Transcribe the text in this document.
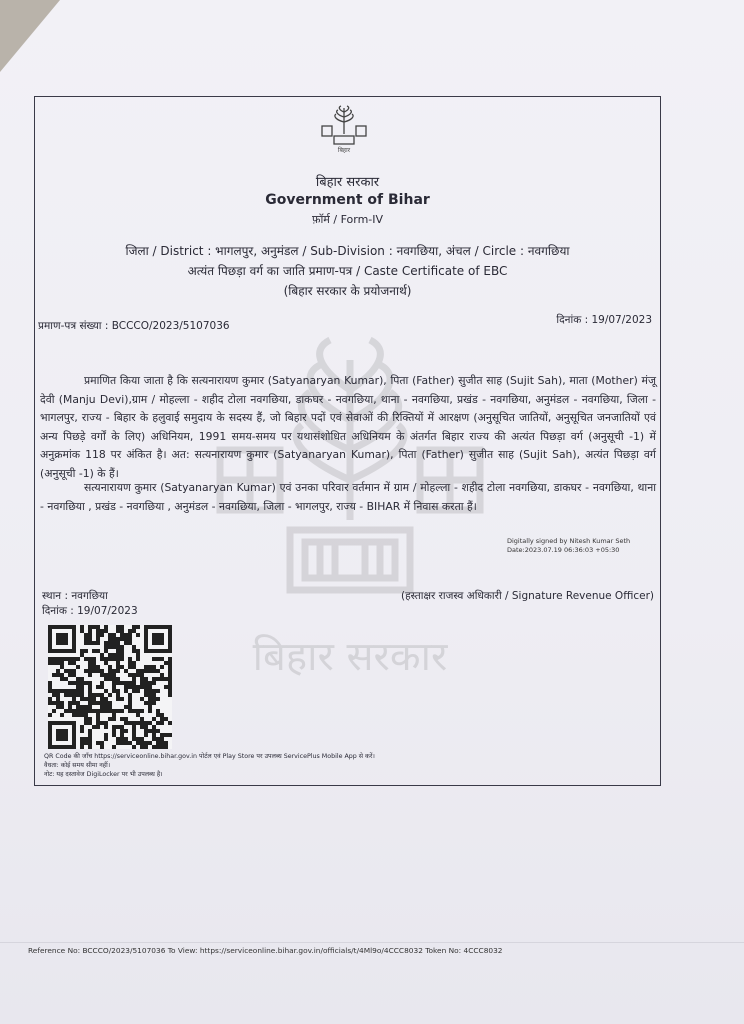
बिहार सरकार
बिहार
बिहार सरकार
Government of Bihar
फ़ॉर्म / Form-IV
जिला / District : भागलपुर, अनुमंडल / Sub-Division : नवगछिया, अंचल / Circle : नवगछिया
अत्यंत पिछड़ा वर्ग का जाति प्रमाण-पत्र / Caste Certificate of EBC
(बिहार सरकार के प्रयोजनार्थ)
प्रमाण-पत्र संख्या : BCCCO/2023/5107036	दिनांक : 19/07/2023
प्रमाणित किया जाता है कि सत्यनारायण कुमार (Satyanaryan Kumar), पिता (Father) सुजीत साह (Sujit Sah), माता (Mother) मंजू देवी (Manju Devi),ग्राम / मोहल्ला - शहीद टोला नवगछिया, डाकघर - नवगछिया, थाना - नवगछिया, प्रखंड - नवगछिया, अनुमंडल - नवगछिया, जिला - भागलपुर, राज्य - बिहार के हलुवाई समुदाय के सदस्य हैं, जो बिहार पदों एवं सेवाओं की रिक्तियों में आरक्षण (अनुसूचित जातियों, अनुसूचित जनजातियों एवं अन्य पिछड़े वर्गों के लिए) अधिनियम, 1991 समय-समय पर यथासंशोधित अधिनियम के अंतर्गत बिहार राज्य की अत्यंत पिछड़ा वर्ग (अनुसूची -1) में अनुक्रमांक 118 पर अंकित है। अत: सत्यनारायण कुमार (Satyanaryan Kumar), पिता (Father) सुजीत साह (Sujit Sah), अत्यंत पिछड़ा वर्ग (अनुसूची -1) के हैं।
सत्यनारायण कुमार (Satyanaryan Kumar) एवं उनका परिवार वर्तमान में ग्राम / मोहल्ला - शहीद टोला नवगछिया, डाकघर - नवगछिया, थाना - नवगछिया , प्रखंड - नवगछिया , अनुमंडल - नवगछिया, जिला - भागलपुर, राज्य - BIHAR में निवास करता हैं।
Digitally signed by Nitesh Kumar Seth
Date:2023.07.19 06:36:03 +05:30
स्थान : नवगछिया
दिनांक : 19/07/2023
(हस्ताक्षर राजस्व अधिकारी / Signature Revenue Officer)
QR Code की जाँच https://serviceonline.bihar.gov.in पोर्टल एवं Play Store पर उपलब्ध ServicePlus Mobile App से करें।
वैधता: कोई समय सीमा नहीं।
नोट: यह दस्तावेज DigiLocker पर भी उपलब्ध है।
Reference No: BCCCO/2023/5107036 To View: https://serviceonline.bihar.gov.in/officials/t/4Ml9o/4CCC8032 Token No: 4CCC8032
